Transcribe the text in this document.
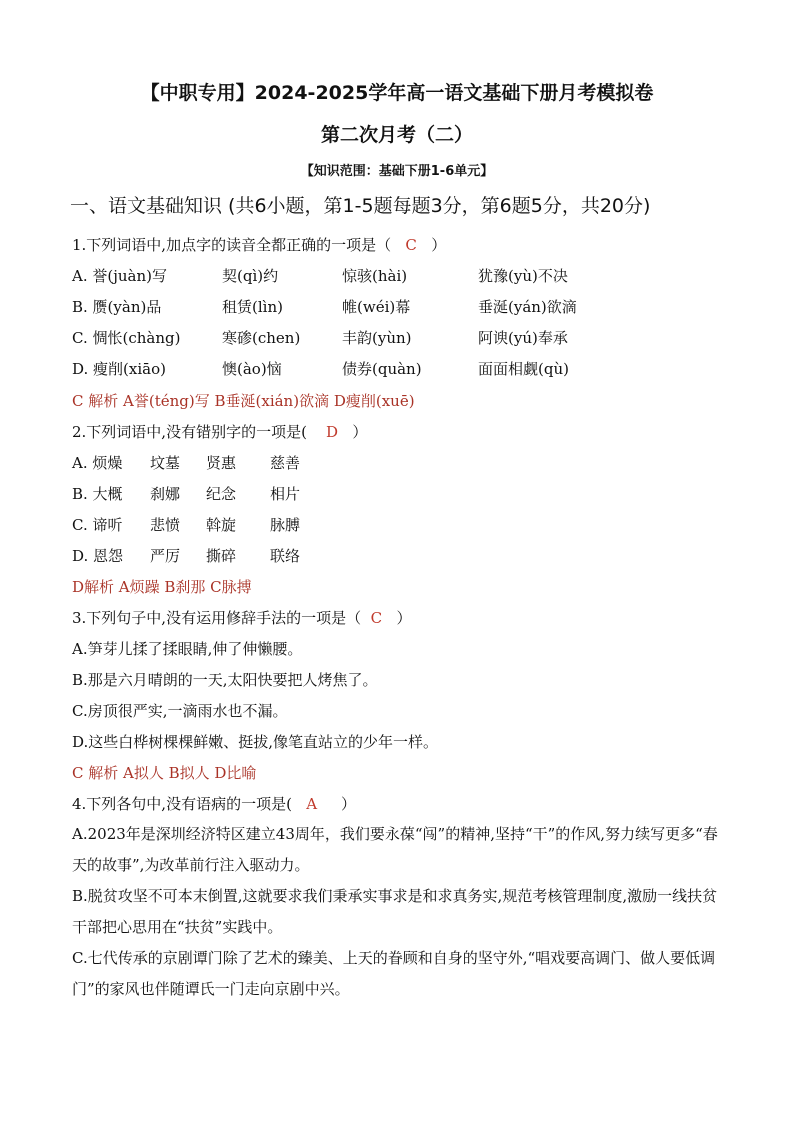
【中职专用】2024-2025学年高一语文基础下册月考模拟卷
第二次月考（二）
【知识范围：基础下册1-6单元】
一、语文基础知识 (共6小题，第1-5题每题3分，第6题5分，共20分)
1.下列词语中,加点字的读音全都正确的一项是（ C ）
A. 誉(juàn)写	契(qì)约	惊骇(hài)	犹豫(yù)不决
B. 赝(yàn)品	租赁(lìn)	帷(wéi)幕	垂涎(yán)欲滴
C. 惆怅(chàng)	寒碜(chen)	丰韵(yùn)	阿谀(yú)奉承
D. 瘦削(xiāo)	懊(ào)恼	债券(quàn)	面面相觑(qù)
C 解析 A誉(téng)写 B垂涎(xián)欲滴 D瘦削(xuē)
2.下列词语中,没有错别字的一项是( D ）
A. 烦燥 坟墓 贤惠 慈善
B. 大概 刹娜 纪念 相片
C. 谛听 悲愤 斡旋 脉膊
D. 恩怨 严厉 撕碎 联络
D解析 A烦躁 B刹那 C脉搏
3.下列句子中,没有运用修辞手法的一项是（ C ）
A.笋芽儿揉了揉眼睛,伸了伸懒腰。
B.那是六月晴朗的一天,太阳快要把人烤焦了。
C.房顶很严实,一滴雨水也不漏。
D.这些白桦树棵棵鲜嫩、挺拔,像笔直站立的少年一样。
C 解析 A拟人 B拟人 D比喻
4.下列各句中,没有语病的一项是( A ）
A.2023年是深圳经济特区建立43周年，我们要永葆“闯”的精神,坚持“干”的作风,努力续写更多“春天的故事”,为改革前行注入驱动力。
B.脱贫攻坚不可本末倒置,这就要求我们秉承实事求是和求真务实,规范考核管理制度,激励一线扶贫干部把心思用在“扶贫”实践中。
C.七代传承的京剧谭门除了艺术的臻美、上天的眷顾和自身的坚守外,“唱戏要高调门、做人要低调门”的家风也伴随谭氏一门走向京剧中兴。
